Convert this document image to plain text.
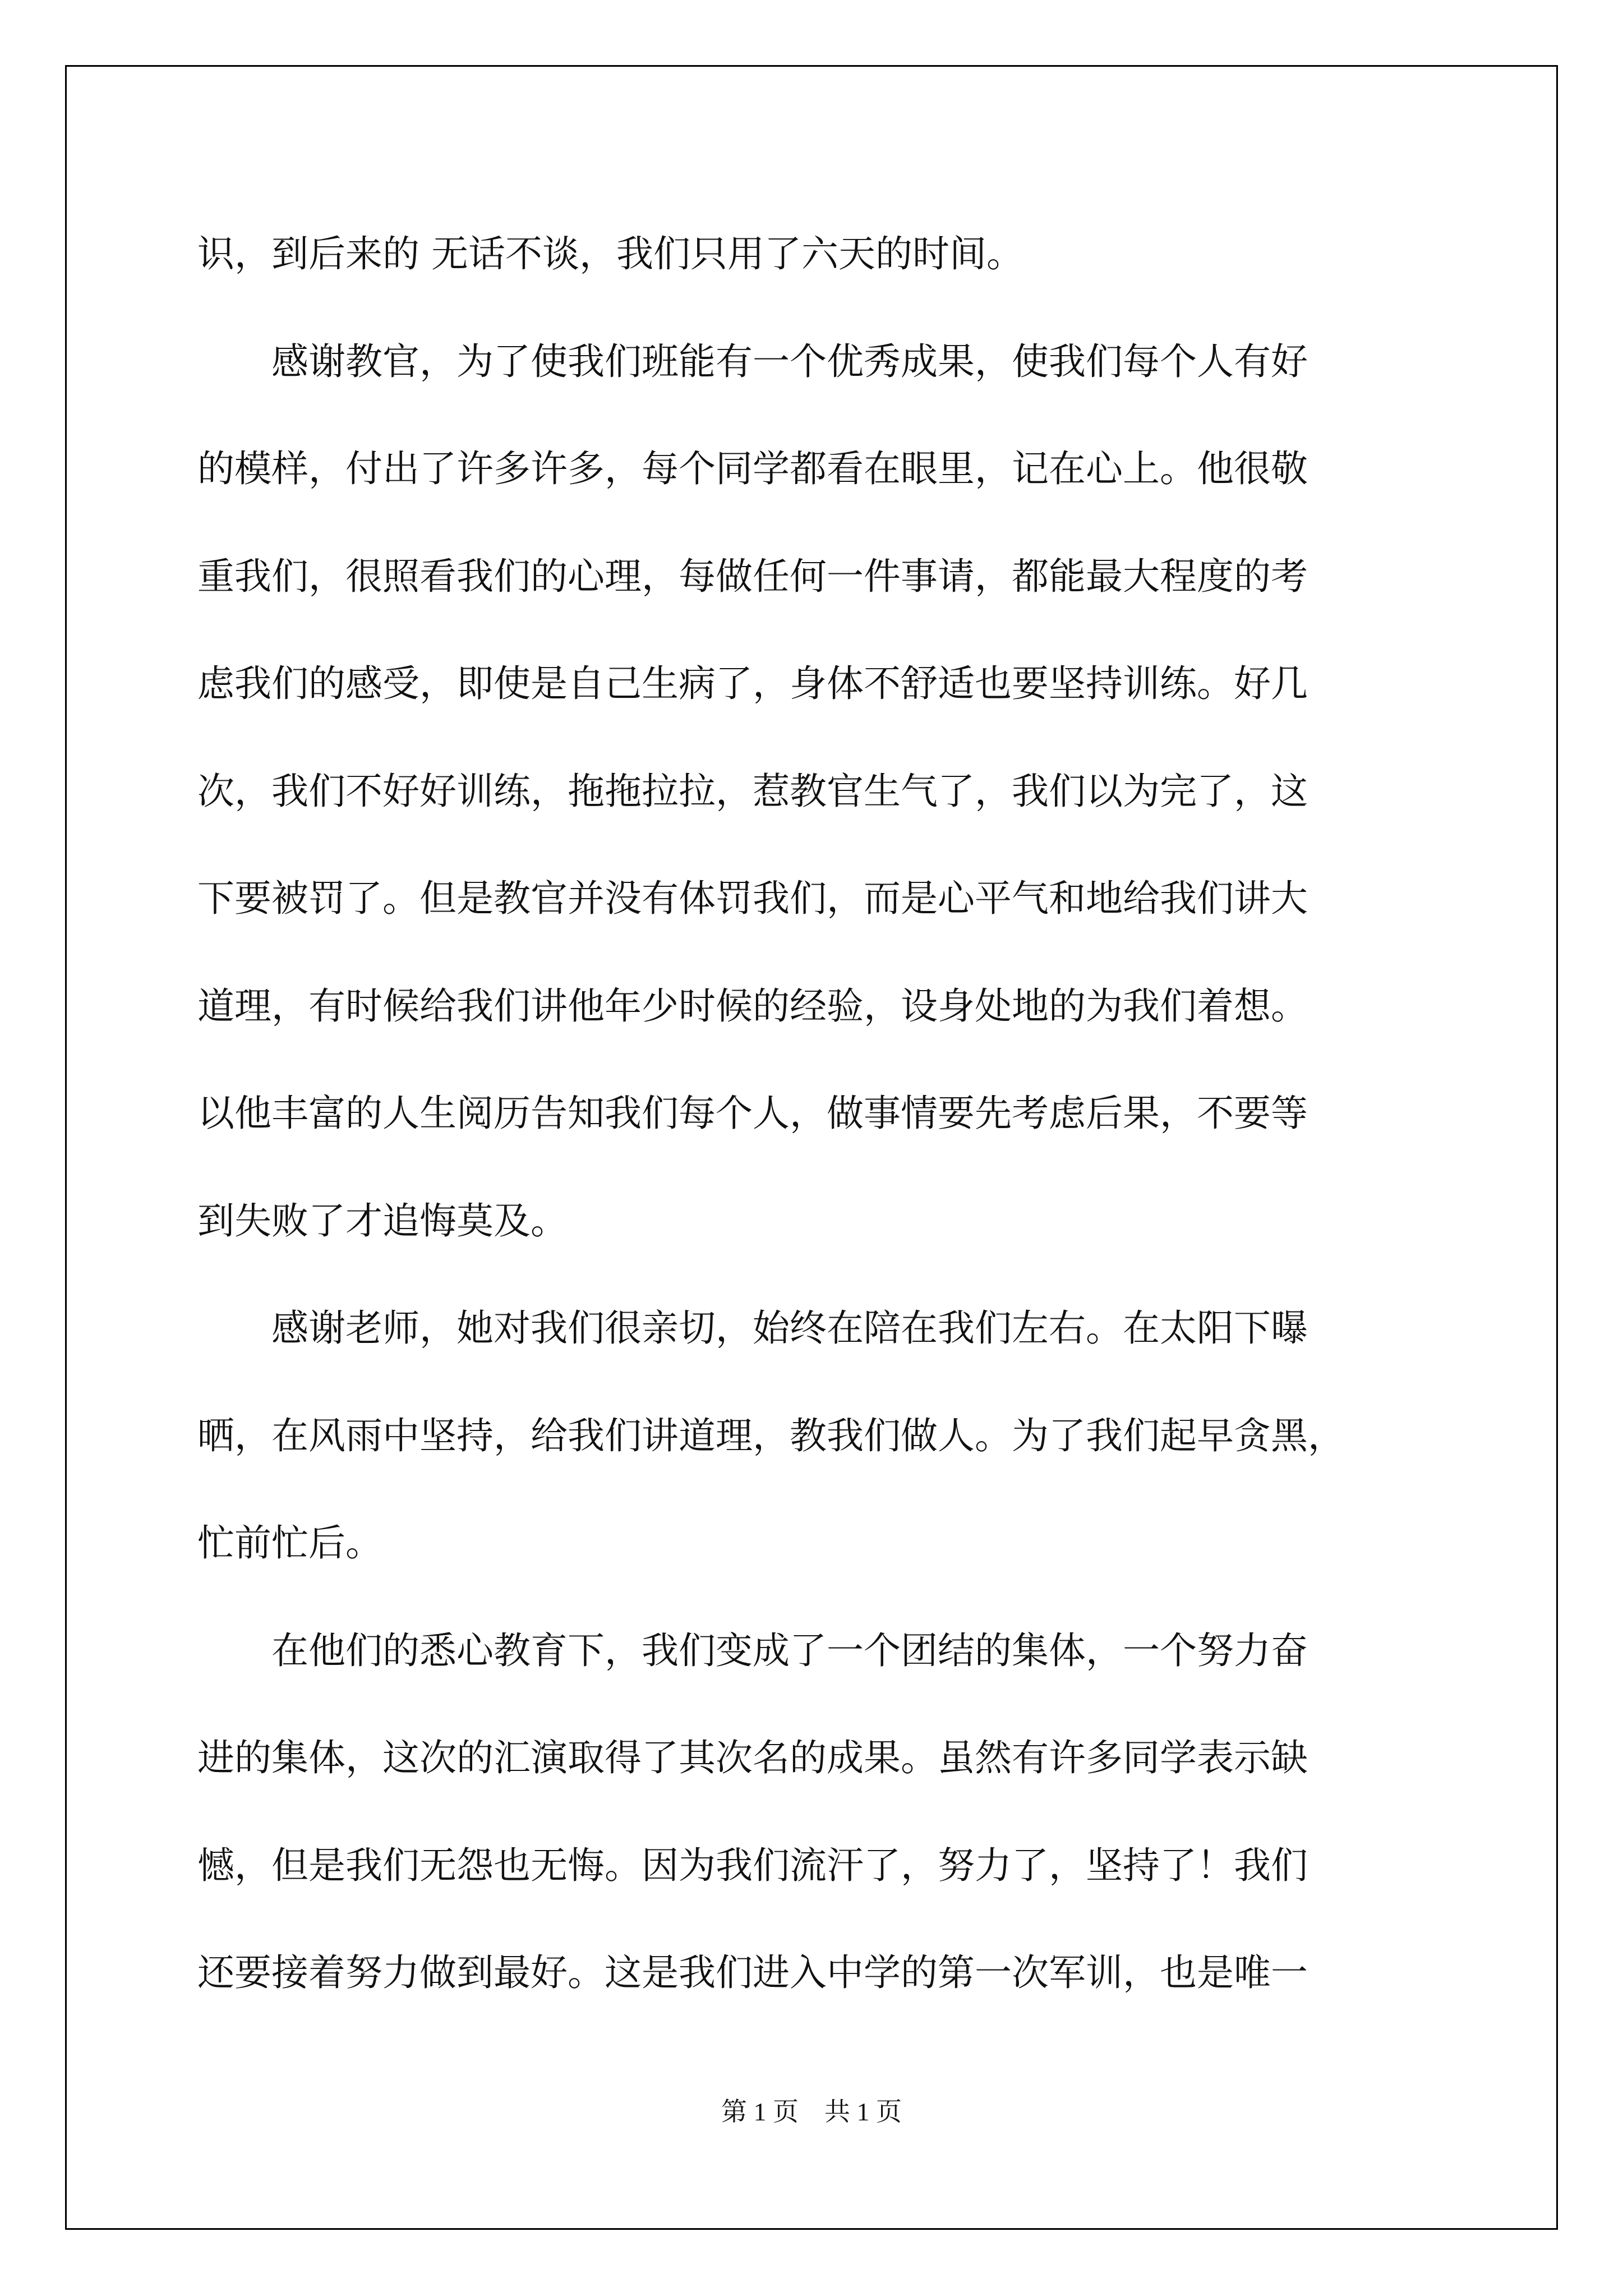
识，到后来的 无话不谈，我们只用了六天的时间。
　　感谢教官，为了使我们班能有一个优秀成果，使我们每个人有好
的模样，付出了许多许多，每个同学都看在眼里，记在心上。他很敬
重我们，很照看我们的心理，每做任何一件事请，都能最大程度的考
虑我们的感受，即使是自己生病了，身体不舒适也要坚持训练。好几
次，我们不好好训练，拖拖拉拉，惹教官生气了，我们以为完了，这
下要被罚了。但是教官并没有体罚我们，而是心平气和地给我们讲大
道理，有时候给我们讲他年少时候的经验，设身处地的为我们着想。
以他丰富的人生阅历告知我们每个人，做事情要先考虑后果，不要等
到失败了才追悔莫及。
　　感谢老师，她对我们很亲切，始终在陪在我们左右。在太阳下曝
晒，在风雨中坚持，给我们讲道理，教我们做人。为了我们起早贪黑，
忙前忙后。
　　在他们的悉心教育下，我们变成了一个团结的集体，一个努力奋
进的集体，这次的汇演取得了其次名的成果。虽然有许多同学表示缺
憾，但是我们无怨也无悔。因为我们流汗了，努力了，坚持了！我们
还要接着努力做到最好。这是我们进入中学的第一次军训，也是唯一
第 1 页　共 1 页
